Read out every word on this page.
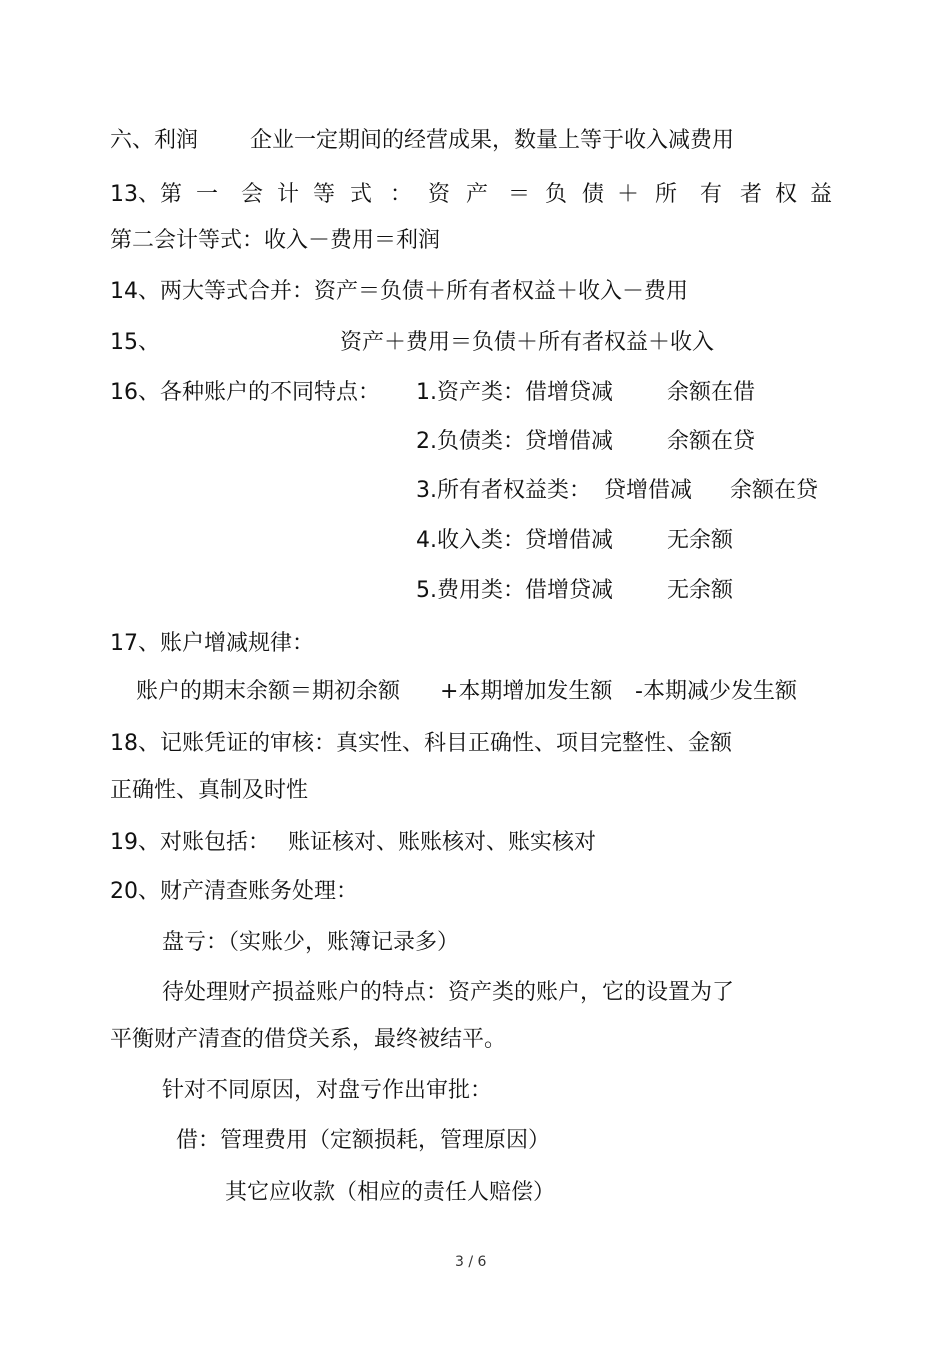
六、利润 企业一定期间的经营成果，数量上等于收入减费用
13、第 一 会 计 等 式 ： 资 产 ＝ 负 债 ＋ 所 有 者 权 益
第二会计等式：收入－费用＝利润
14、两大等式合并：资产＝负债＋所有者权益＋收入－费用
15、	资产＋费用＝负债＋所有者权益＋收入
16、各种账户的不同特点： 1.资产类：借增贷减 余额在借
2.负债类：贷增借减 余额在贷
3.所有者权益类： 贷增借减 余额在贷
4.收入类：贷增借减 无余额
5.费用类：借增贷减 无余额
17、账户增减规律：
账户的期末余额＝期初余额 +本期增加发生额 -本期减少发生额
18、记账凭证的审核：真实性、科目正确性、项目完整性、金额
正确性、真制及时性
19、对账包括： 账证核对、账账核对、账实核对
20、财产清查账务处理：
盘亏：（实账少，账簿记录多）
待处理财产损益账户的特点：资产类的账户，它的设置为了
平衡财产清查的借贷关系，最终被结平。
针对不同原因，对盘亏作出审批：
借：管理费用（定额损耗，管理原因）
其它应收款（相应的责任人赔偿）
3 / 6
